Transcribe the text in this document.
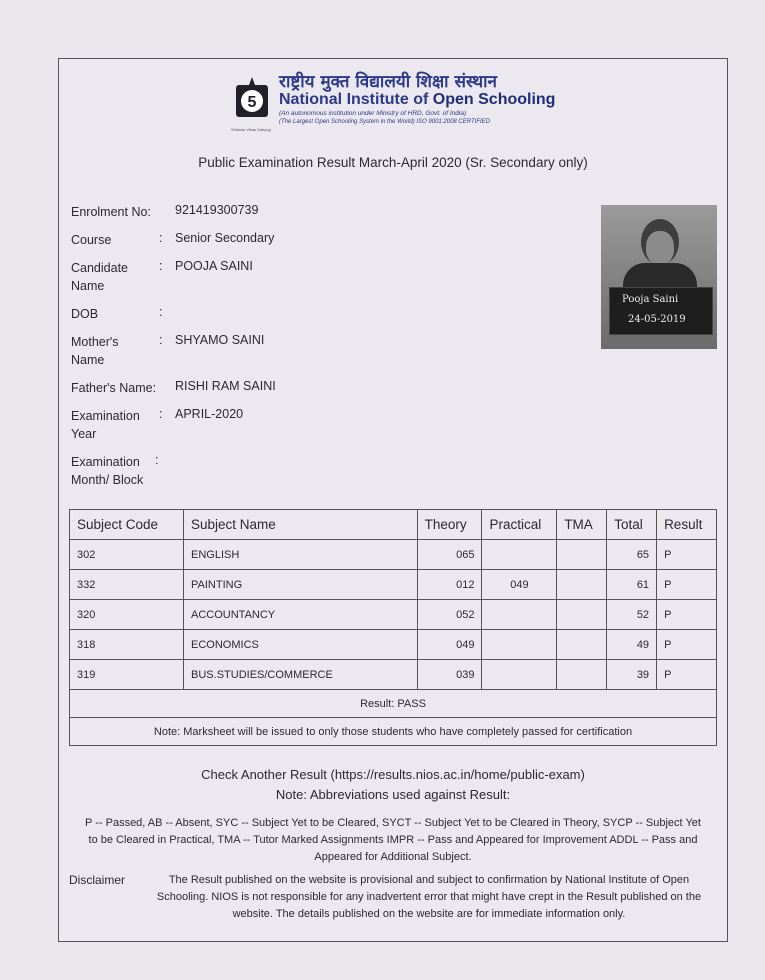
5
राष्ट्रीय मुक्त विद्यालयी शिक्षा संस्थान
National Institute of Open Schooling
(An autonomous institution under Ministry of HRD, Govt. of India)
(The Largest Open Schooling System in the World) ISO 9001:2008 CERTIFIED
Shiksha Vikas Sahyog
Public Examination Result March-April 2020 (Sr. Secondary only)
Enrolment No:	921419300739
Course	: Senior Secondary
Candidate Name
: POOJA SAINI
DOB	:
Mother's Name
: SHYAMO SAINI
Father's Name:	RISHI RAM SAINI
Examination Year
: APRIL-2020
Examination Month/ Block
:
Pooja Saini
24-05-2019
Subject Code	Subject Name	Theory	Practical	TMA	Total	Result
302	ENGLISH	065			65	P
332	PAINTING	012	049		61	P
320	ACCOUNTANCY	052			52	P
318	ECONOMICS	049			49	P
319	BUS.STUDIES/COMMERCE	039			39	P
Result: PASS						
Note: Marksheet will be issued to only those students who have completely passed for certification						
Check Another Result (https://results.nios.ac.in/home/public-exam)
Note: Abbreviations used against Result:
P -- Passed, AB -- Absent, SYC -- Subject Yet to be Cleared, SYCT -- Subject Yet to be Cleared in Theory, SYCP -- Subject Yet to be Cleared in Practical, TMA -- Tutor Marked Assignments IMPR -- Pass and Appeared for Improvement ADDL -- Pass and Appeared for Additional Subject.
Disclaimer	The Result published on the website is provisional and subject to confirmation by National Institute of Open Schooling. NIOS is not responsible for any inadvertent error that might have crept in the Result published on the website. The details published on the website are for immediate information only.
